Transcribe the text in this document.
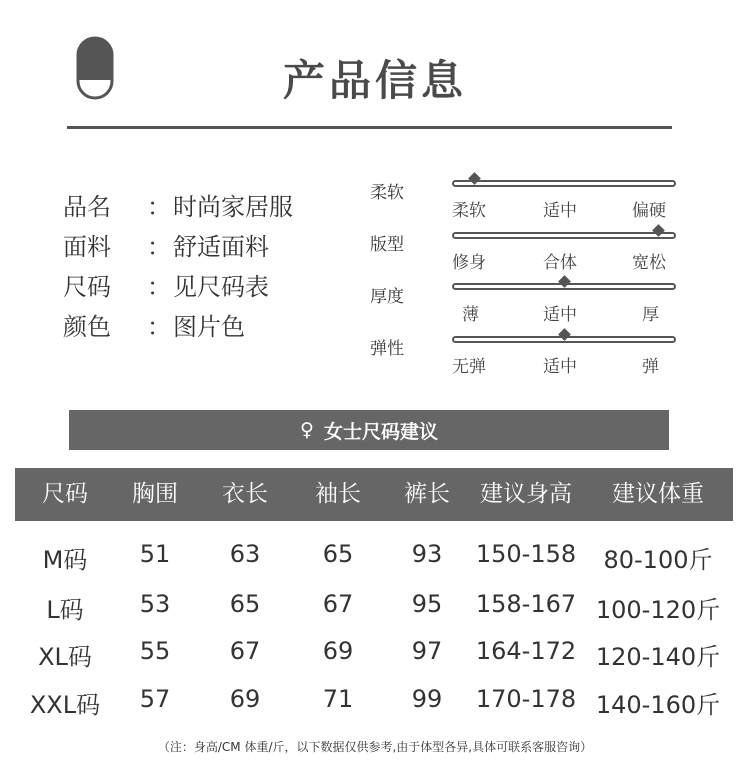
产品信息
品名	： 时尚家居服
面料	： 舒适面料
尺码	： 见尺码表
颜色	： 图片色
柔软
柔软	适中	偏硬
版型
修身	合体	宽松
厚度
薄	适中	厚
弹性
无弹	适中	弹
♀ 女士尺码建议
尺码	胸围	衣长	袖长	裤长	建议身高	建议体重
M码	51	63	65	93	150-158	80-100斤
L码	53	65	67	95	158-167 100-120斤
XL码	55	67	69	97	164-172 120-140斤
XXL码	57	69	71	99	170-178 140-160斤
（注：身高/CM 体重/斤，以下数据仅供参考,由于体型各异,具体可联系客服咨询）
